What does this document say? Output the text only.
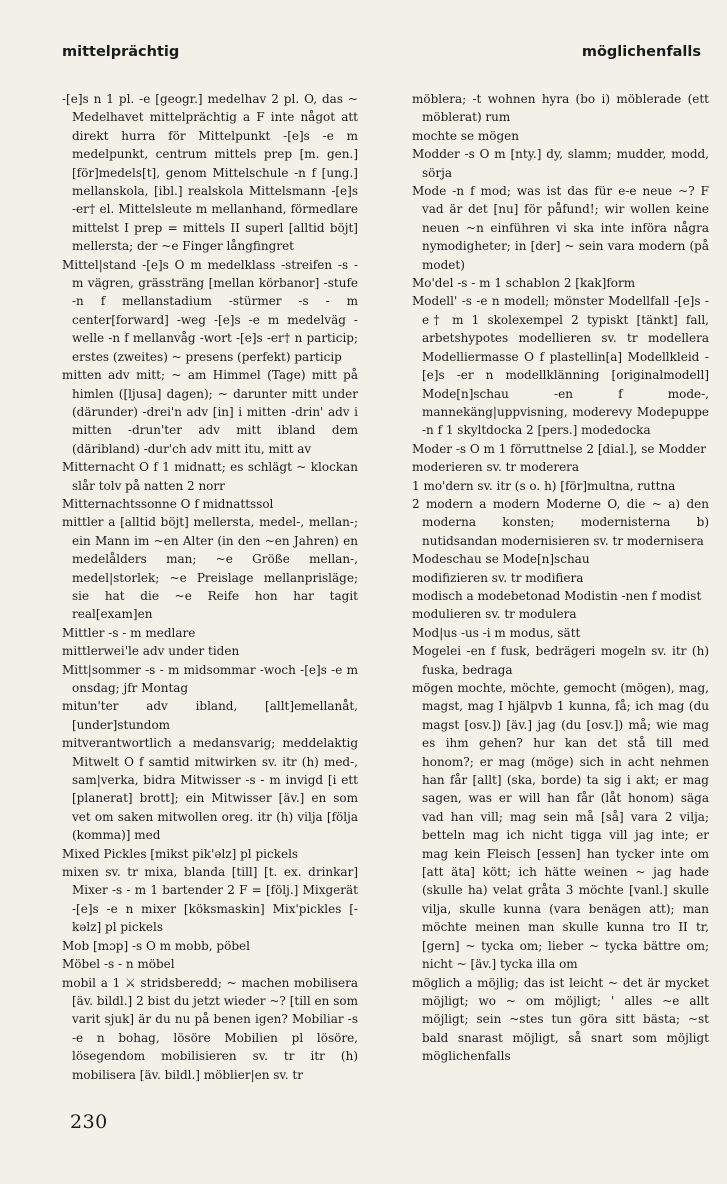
mittelprächtig	möglichenfalls

-[e]s n 1 pl. -e [geogr.] medelhav 2 pl. O, das ~ Medelhavet mittelprächtig a F inte något att direkt hurra för Mittelpunkt -[e]s -e m medelpunkt, centrum mittels prep [m. gen.] [för]medels[t], genom Mittelschule -n f [ung.] mellanskola, [ibl.] realskola Mittelsmann -[e]s -er† el. Mittelsleute m mellanhand, förmedlare mittelst I prep = mittels II superl [alltid böjt] mellersta; der ~e Finger långfingret

Mittel|stand -[e]s O m medelklass -streifen -s - m vägren, grässträng [mellan körbanor] -stufe -n f mellanstadium -stürmer -s - m center[forward] -weg -[e]s -e m medelväg -welle -n f mellanvåg -wort -[e]s -er† n particip; erstes (zweites) ~ presens (perfekt) particip

mitten adv mitt; ~ am Himmel (Tage) mitt på himlen ([ljusa] dagen); ~ darunter mitt under (därunder) -drei'n adv [in] i mitten -drin' adv i mitten -drun'ter adv mitt ibland dem (däribland) -dur'ch adv mitt itu, mitt av

Mitternacht O f 1 midnatt; es schlägt ~ klockan slår tolv på natten 2 norr

Mitternachtssonne O f midnattssol

mittler a [alltid böjt] mellersta, medel-, mellan-; ein Mann im ~en Alter (in den ~en Jahren) en medelålders man; ~e Größe mellan-, medel|storlek; ~e Preislage mellanprisläge; sie hat die ~e Reife hon har tagit real[exam]en

Mittler -s - m medlare

mittlerwei'le adv under tiden

Mitt|sommer -s - m midsommar -woch -[e]s -e m onsdag; jfr Montag

mitun'ter adv ibland, [allt]emellanåt, [under]stundom

mitverantwortlich a medansvarig; meddelaktig Mitwelt O f samtid mitwirken sv. itr (h) med-, sam|verka, bidra Mitwisser -s - m invigd [i ett [planerat] brott]; ein Mitwisser [äv.] en som vet om saken mitwollen oreg. itr (h) vilja [följa (komma)] med

Mixed Pickles [mikst pik'əlz] pl pickels

mixen sv. tr mixa, blanda [till] [t. ex. drinkar] Mixer -s - m 1 bartender 2 F = [följ.] Mixgerät -[e]s -e n mixer [köksmaskin] Mix'pickles [-kəlz] pl pickels

Mob [mɔp] -s O m mobb, pöbel

Möbel -s - n möbel

mobil a 1 ⚔ stridsberedd; ~ machen mobilisera [äv. bildl.] 2 bist du jetzt wieder ~? [till en som varit sjuk] är du nu på benen igen? Mobiliar -s -e n bohag, lösöre Mobilien pl lösöre, lösegendom mobilisieren sv. tr itr (h) mobilisera [äv. bildl.] möblier|en sv. tr

möblera; -t wohnen hyra (bo i) möblerade (ett möblerat) rum

mochte se mögen

Modder -s O m [nty.] dy, slamm; mudder, modd, sörja

Mode -n f mod; was ist das für e-e neue ~? F vad är det [nu] för påfund!; wir wollen keine neuen ~n einführen vi ska inte införa några nymodigheter; in [der] ~ sein vara modern (på modet)

Mo'del -s - m 1 schablon 2 [kak]form

Modell' -s -e n modell; mönster Modellfall -[e]s -e† m 1 skolexempel 2 typiskt [tänkt] fall, arbetshypotes modellieren sv. tr modellera Modelliermasse O f plastellin[a] Modellkleid -[e]s -er n modellklänning [originalmodell] Mode[n]schau -en f mode-, mannekäng|uppvisning, moderevy Modepuppe -n f 1 skyltdocka 2 [pers.] modedocka

Moder -s O m 1 förruttnelse 2 [dial.], se Modder

moderieren sv. tr moderera

1 mo'dern sv. itr (s o. h) [för]multna, ruttna

2 modern a modern Moderne O, die ~ a) den moderna konsten; modernisterna b) nutidsandan modernisieren sv. tr modernisera

Modeschau se Mode[n]schau

modifizieren sv. tr modifiera

modisch a modebetonad Modistin -nen f modist

modulieren sv. tr modulera

Mod|us -us -i m modus, sätt

Mogelei -en f fusk, bedrägeri mogeln sv. itr (h) fuska, bedraga

mögen mochte, möchte, gemocht (mögen), mag, magst, mag I hjälpvb 1 kunna, få; ich mag (du magst [osv.]) [äv.] jag (du [osv.]) må; wie mag es ihm gehen? hur kan det stå till med honom?; er mag (möge) sich in acht nehmen han får [allt] (ska, borde) ta sig i akt; er mag sagen, was er will han får (låt honom) säga vad han vill; mag sein må [så] vara 2 vilja; betteln mag ich nicht tigga vill jag inte; er mag kein Fleisch [essen] han tycker inte om [att äta] kött; ich hätte weinen ~ jag hade (skulle ha) velat gråta 3 möchte [vanl.] skulle vilja, skulle kunna (vara benägen att); man möchte meinen man skulle kunna tro II tr, [gern] ~ tycka om; lieber ~ tycka bättre om; nicht ~ [äv.] tycka illa om

möglich a möjlig; das ist leicht ~ det är mycket möjligt; wo ~ om möjligt; ' alles ~e allt möjligt; sein ~stes tun göra sitt bästa; ~st bald snarast möjligt, så snart som möjligt möglichenfalls

230
